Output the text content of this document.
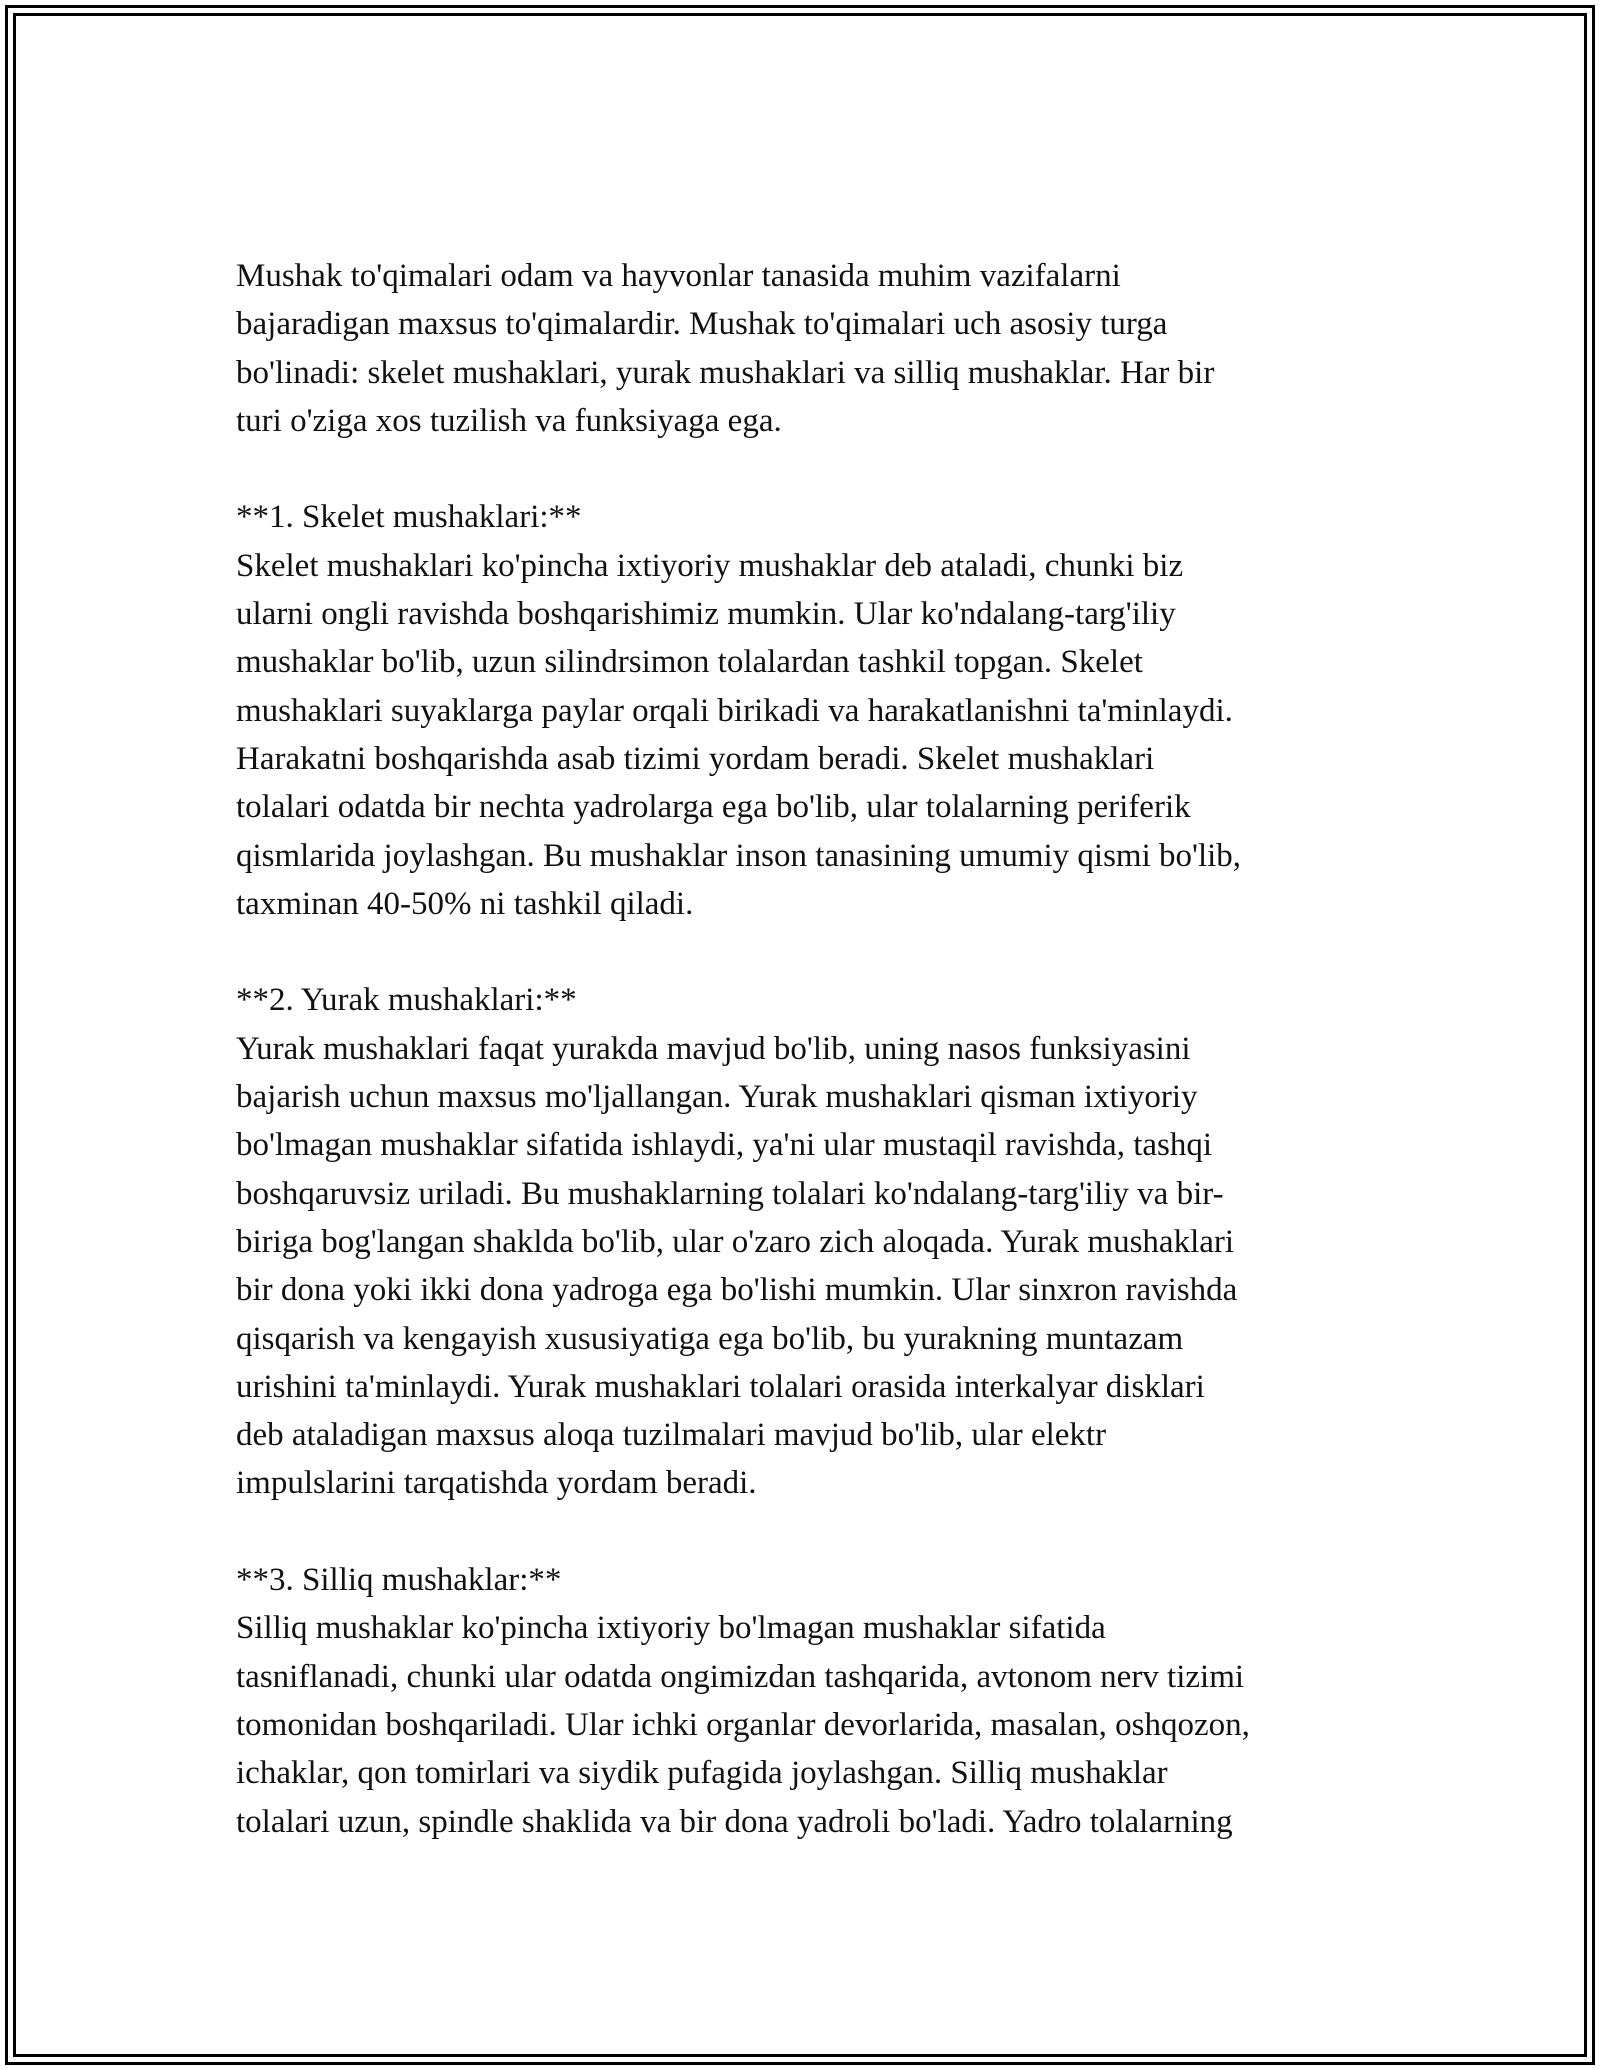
Mushak to'qimalari odam va hayvonlar tanasida muhim vazifalarni
bajaradigan maxsus to'qimalardir. Mushak to'qimalari uch asosiy turga
bo'linadi: skelet mushaklari, yurak mushaklari va silliq mushaklar. Har bir
turi o'ziga xos tuzilish va funksiyaga ega.

**1. Skelet mushaklari:**

Skelet mushaklari ko'pincha ixtiyoriy mushaklar deb ataladi, chunki biz
ularni ongli ravishda boshqarishimiz mumkin. Ular ko'ndalang-targ'iliy
mushaklar bo'lib, uzun silindrsimon tolalardan tashkil topgan. Skelet
mushaklari suyaklarga paylar orqali birikadi va harakatlanishni ta'minlaydi.
Harakatni boshqarishda asab tizimi yordam beradi. Skelet mushaklari
tolalari odatda bir nechta yadrolarga ega bo'lib, ular tolalarning periferik
qismlarida joylashgan. Bu mushaklar inson tanasining umumiy qismi bo'lib,
taxminan 40-50% ni tashkil qiladi.

**2. Yurak mushaklari:**

Yurak mushaklari faqat yurakda mavjud bo'lib, uning nasos funksiyasini
bajarish uchun maxsus mo'ljallangan. Yurak mushaklari qisman ixtiyoriy
bo'lmagan mushaklar sifatida ishlaydi, ya'ni ular mustaqil ravishda, tashqi
boshqaruvsiz uriladi. Bu mushaklarning tolalari ko'ndalang-targ'iliy va bir-
biriga bog'langan shaklda bo'lib, ular o'zaro zich aloqada. Yurak mushaklari
bir dona yoki ikki dona yadroga ega bo'lishi mumkin. Ular sinxron ravishda
qisqarish va kengayish xususiyatiga ega bo'lib, bu yurakning muntazam
urishini ta'minlaydi. Yurak mushaklari tolalari orasida interkalyar disklari
deb ataladigan maxsus aloqa tuzilmalari mavjud bo'lib, ular elektr
impulslarini tarqatishda yordam beradi.

**3. Silliq mushaklar:**

Silliq mushaklar ko'pincha ixtiyoriy bo'lmagan mushaklar sifatida
tasniflanadi, chunki ular odatda ongimizdan tashqarida, avtonom nerv tizimi
tomonidan boshqariladi. Ular ichki organlar devorlarida, masalan, oshqozon,
ichaklar, qon tomirlari va siydik pufagida joylashgan. Silliq mushaklar
tolalari uzun, spindle shaklida va bir dona yadroli bo'ladi. Yadro tolalarning
